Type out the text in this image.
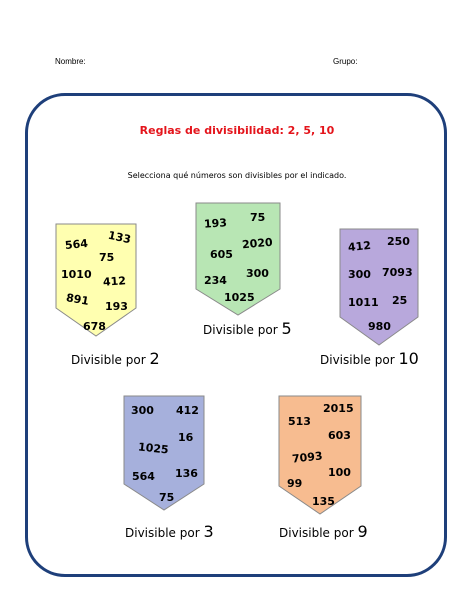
Nombre:	Grupo:
Reglas de divisibilidad: 2, 5, 10
Selecciona qué números son divisibles por el indicado.
133
564
75
1010 412
891 193
678
Divisible por 2
75
193
2020
605
300
234
1025
Divisible por 5
250
412
300 7093
1011 25
980
Divisible por 10
300 412
16
1025
564 136
75
Divisible por 3
2015
513
603
7093
100
99
135
Divisible por 9
